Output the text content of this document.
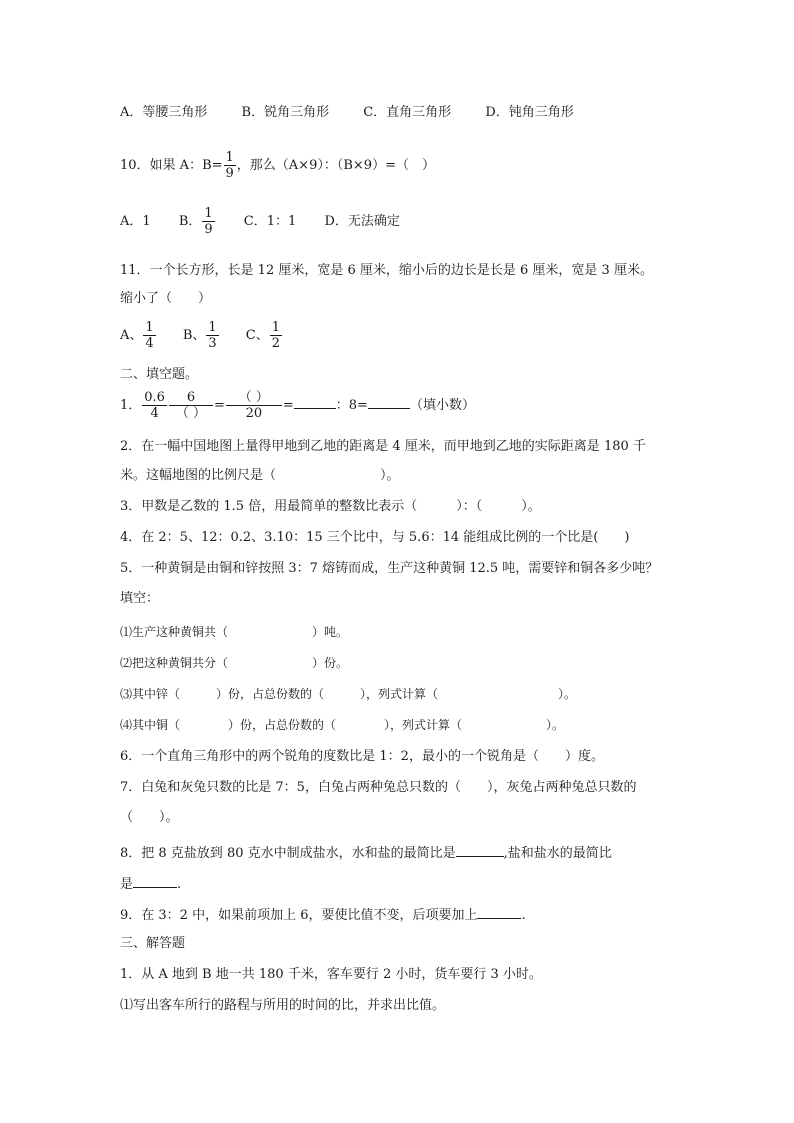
A．等腰三角形	B．锐角三角形	C．直角三角形	D．钝角三角形
10．如果 A：$B= \frac{1}{9}$ ，那么（A×9）：（B×9）=（　）
A．1 B． $\frac{1}{9}$ C．1：1 D．无法确定
11．一个长方形，长是 12 厘米，宽是 6 厘米，缩小后的边长是长是 6 厘米，宽是 3 厘米。
缩小了（　　）
A、 $\frac{1}{4}$ B、 $\frac{1}{3}$ C、 $\frac{1}{2}$
二、填空题。
1． $\frac{0.6}{4} \frac{6}{( )} = \frac{( )}{20}$ =	：8=	（填小数）
2．在一幅中国地图上量得甲地到乙地的距离是 4 厘米，而甲地到乙地的实际距离是 180 千
米。这幅地图的比例尺是（　　　　　　　　）。
3．甲数是乙数的 1.5 倍，用最简单的整数比表示（　　　）：（　　　）。
4．在 2：5、12：0.2、3.10：15 三个比中，与 5.6：14 能组成比例的一个比是(　　)
5．一种黄铜是由铜和锌按照 3：7 熔铸而成，生产这种黄铜 12.5 吨，需要锌和铜各多少吨？
填空：
⑴生产这种黄铜共（　　　　　　　）吨。
⑵把这种黄铜共分（　　　　　　　）份。
⑶其中锌（　　　）份，占总份数的（　　　），列式计算（　　　　　　　　　　）。
⑷其中铜（　　　　）份，占总份数的（　　　　），列式计算（　　　　　　　）。
6．一个直角三角形中的两个锐角的度数比是 1：2，最小的一个锐角是（　　）度。
7．白兔和灰兔只数的比是 7：5，白兔占两种兔总只数的（　　），灰兔占两种兔总只数的
（　　）。
8．把 8 克盐放到 80 克水中制成盐水，水和盐的最简比是	,盐和盐水的最简比
是	.
9．在 3：2 中，如果前项加上 6，要使比值不变，后项要加上	.
三、解答题
1．从 A 地到 B 地一共 180 千米，客车要行 2 小时，货车要行 3 小时。
⑴写出客车所行的路程与所用的时间的比，并求出比值。
